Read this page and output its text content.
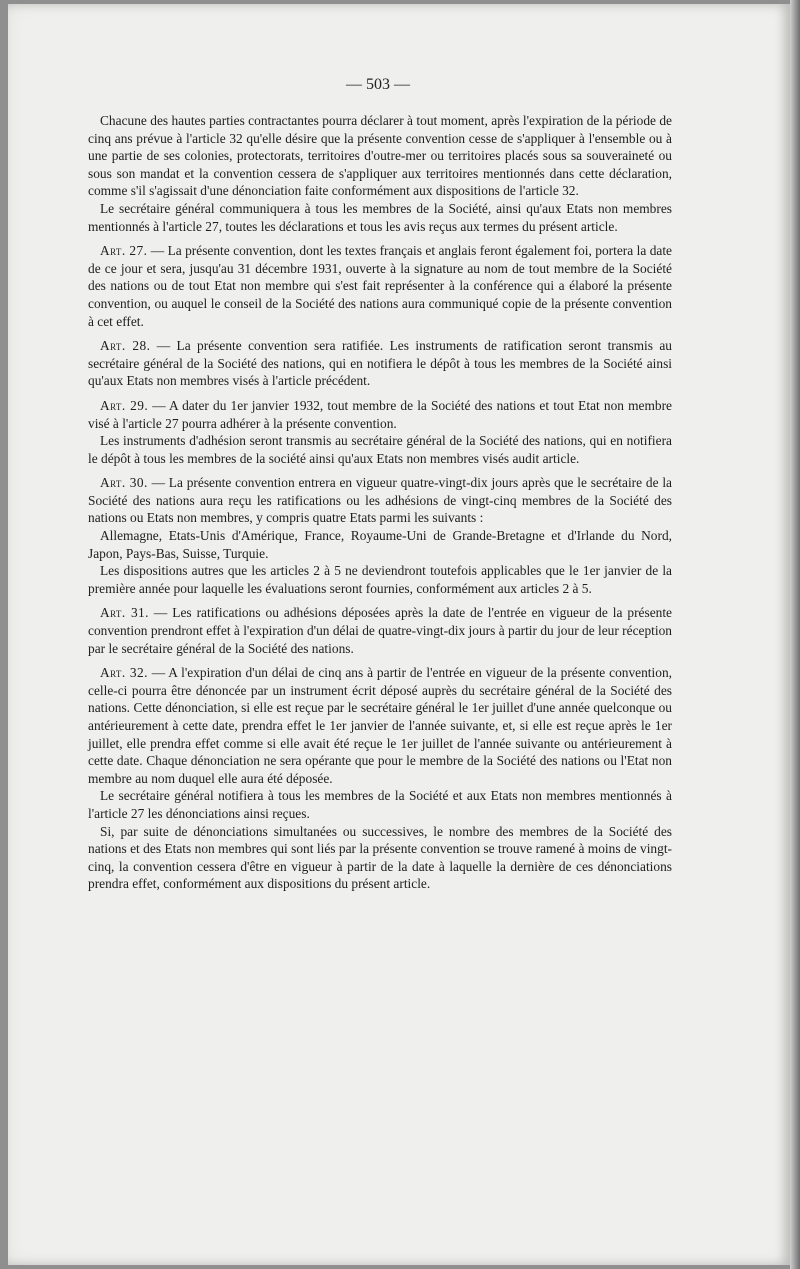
— 503 —

Chacune des hautes parties contractantes pourra déclarer à tout moment, après l'expiration de la période de cinq ans prévue à l'article 32 qu'elle désire que la présente convention cesse de s'appliquer à l'ensemble ou à une partie de ses colonies, protectorats, territoires d'outre-mer ou territoires placés sous sa souveraineté ou sous son mandat et la convention cessera de s'appliquer aux territoires mentionnés dans cette déclaration, comme s'il s'agissait d'une dénonciation faite conformément aux dispositions de l'article 32.

Le secrétaire général communiquera à tous les membres de la Société, ainsi qu'aux Etats non membres mentionnés à l'article 27, toutes les déclarations et tous les avis reçus aux termes du présent article.

Art. 27. — La présente convention, dont les textes français et anglais feront également foi, portera la date de ce jour et sera, jusqu'au 31 décembre 1931, ouverte à la signature au nom de tout membre de la Société des nations ou de tout Etat non membre qui s'est fait représenter à la conférence qui a élaboré la présente convention, ou auquel le conseil de la Société des nations aura communiqué copie de la présente convention à cet effet.

Art. 28. — La présente convention sera ratifiée. Les instruments de ratification seront transmis au secrétaire général de la Société des nations, qui en notifiera le dépôt à tous les membres de la Société ainsi qu'aux Etats non membres visés à l'article précédent.

Art. 29. — A dater du 1er janvier 1932, tout membre de la Société des nations et tout Etat non membre visé à l'article 27 pourra adhérer à la présente convention.

Les instruments d'adhésion seront transmis au secrétaire général de la Société des nations, qui en notifiera le dépôt à tous les membres de la société ainsi qu'aux Etats non membres visés audit article.

Art. 30. — La présente convention entrera en vigueur quatre-vingt-dix jours après que le secrétaire de la Société des nations aura reçu les ratifications ou les adhésions de vingt-cinq membres de la Société des nations ou Etats non membres, y compris quatre Etats parmi les suivants :

Allemagne, Etats-Unis d'Amérique, France, Royaume-Uni de Grande-Bretagne et d'Irlande du Nord, Japon, Pays-Bas, Suisse, Turquie.

Les dispositions autres que les articles 2 à 5 ne deviendront toutefois applicables que le 1er janvier de la première année pour laquelle les évaluations seront fournies, conformément aux articles 2 à 5.

Art. 31. — Les ratifications ou adhésions déposées après la date de l'entrée en vigueur de la présente convention prendront effet à l'expiration d'un délai de quatre-vingt-dix jours à partir du jour de leur réception par le secrétaire général de la Société des nations.

Art. 32. — A l'expiration d'un délai de cinq ans à partir de l'entrée en vigueur de la présente convention, celle-ci pourra être dénoncée par un instrument écrit déposé auprès du secrétaire général de la Société des nations. Cette dénonciation, si elle est reçue par le secrétaire général le 1er juillet d'une année quelconque ou antérieurement à cette date, prendra effet le 1er janvier de l'année suivante, et, si elle est reçue après le 1er juillet, elle prendra effet comme si elle avait été reçue le 1er juillet de l'année suivante ou antérieurement à cette date. Chaque dénonciation ne sera opérante que pour le membre de la Société des nations ou l'Etat non membre au nom duquel elle aura été déposée.

Le secrétaire général notifiera à tous les membres de la Société et aux Etats non membres mentionnés à l'article 27 les dénonciations ainsi reçues.

Si, par suite de dénonciations simultanées ou successives, le nombre des membres de la Société des nations et des Etats non membres qui sont liés par la présente convention se trouve ramené à moins de vingt-cinq, la convention cessera d'être en vigueur à partir de la date à laquelle la dernière de ces dénonciations prendra effet, conformément aux dispositions du présent article.
